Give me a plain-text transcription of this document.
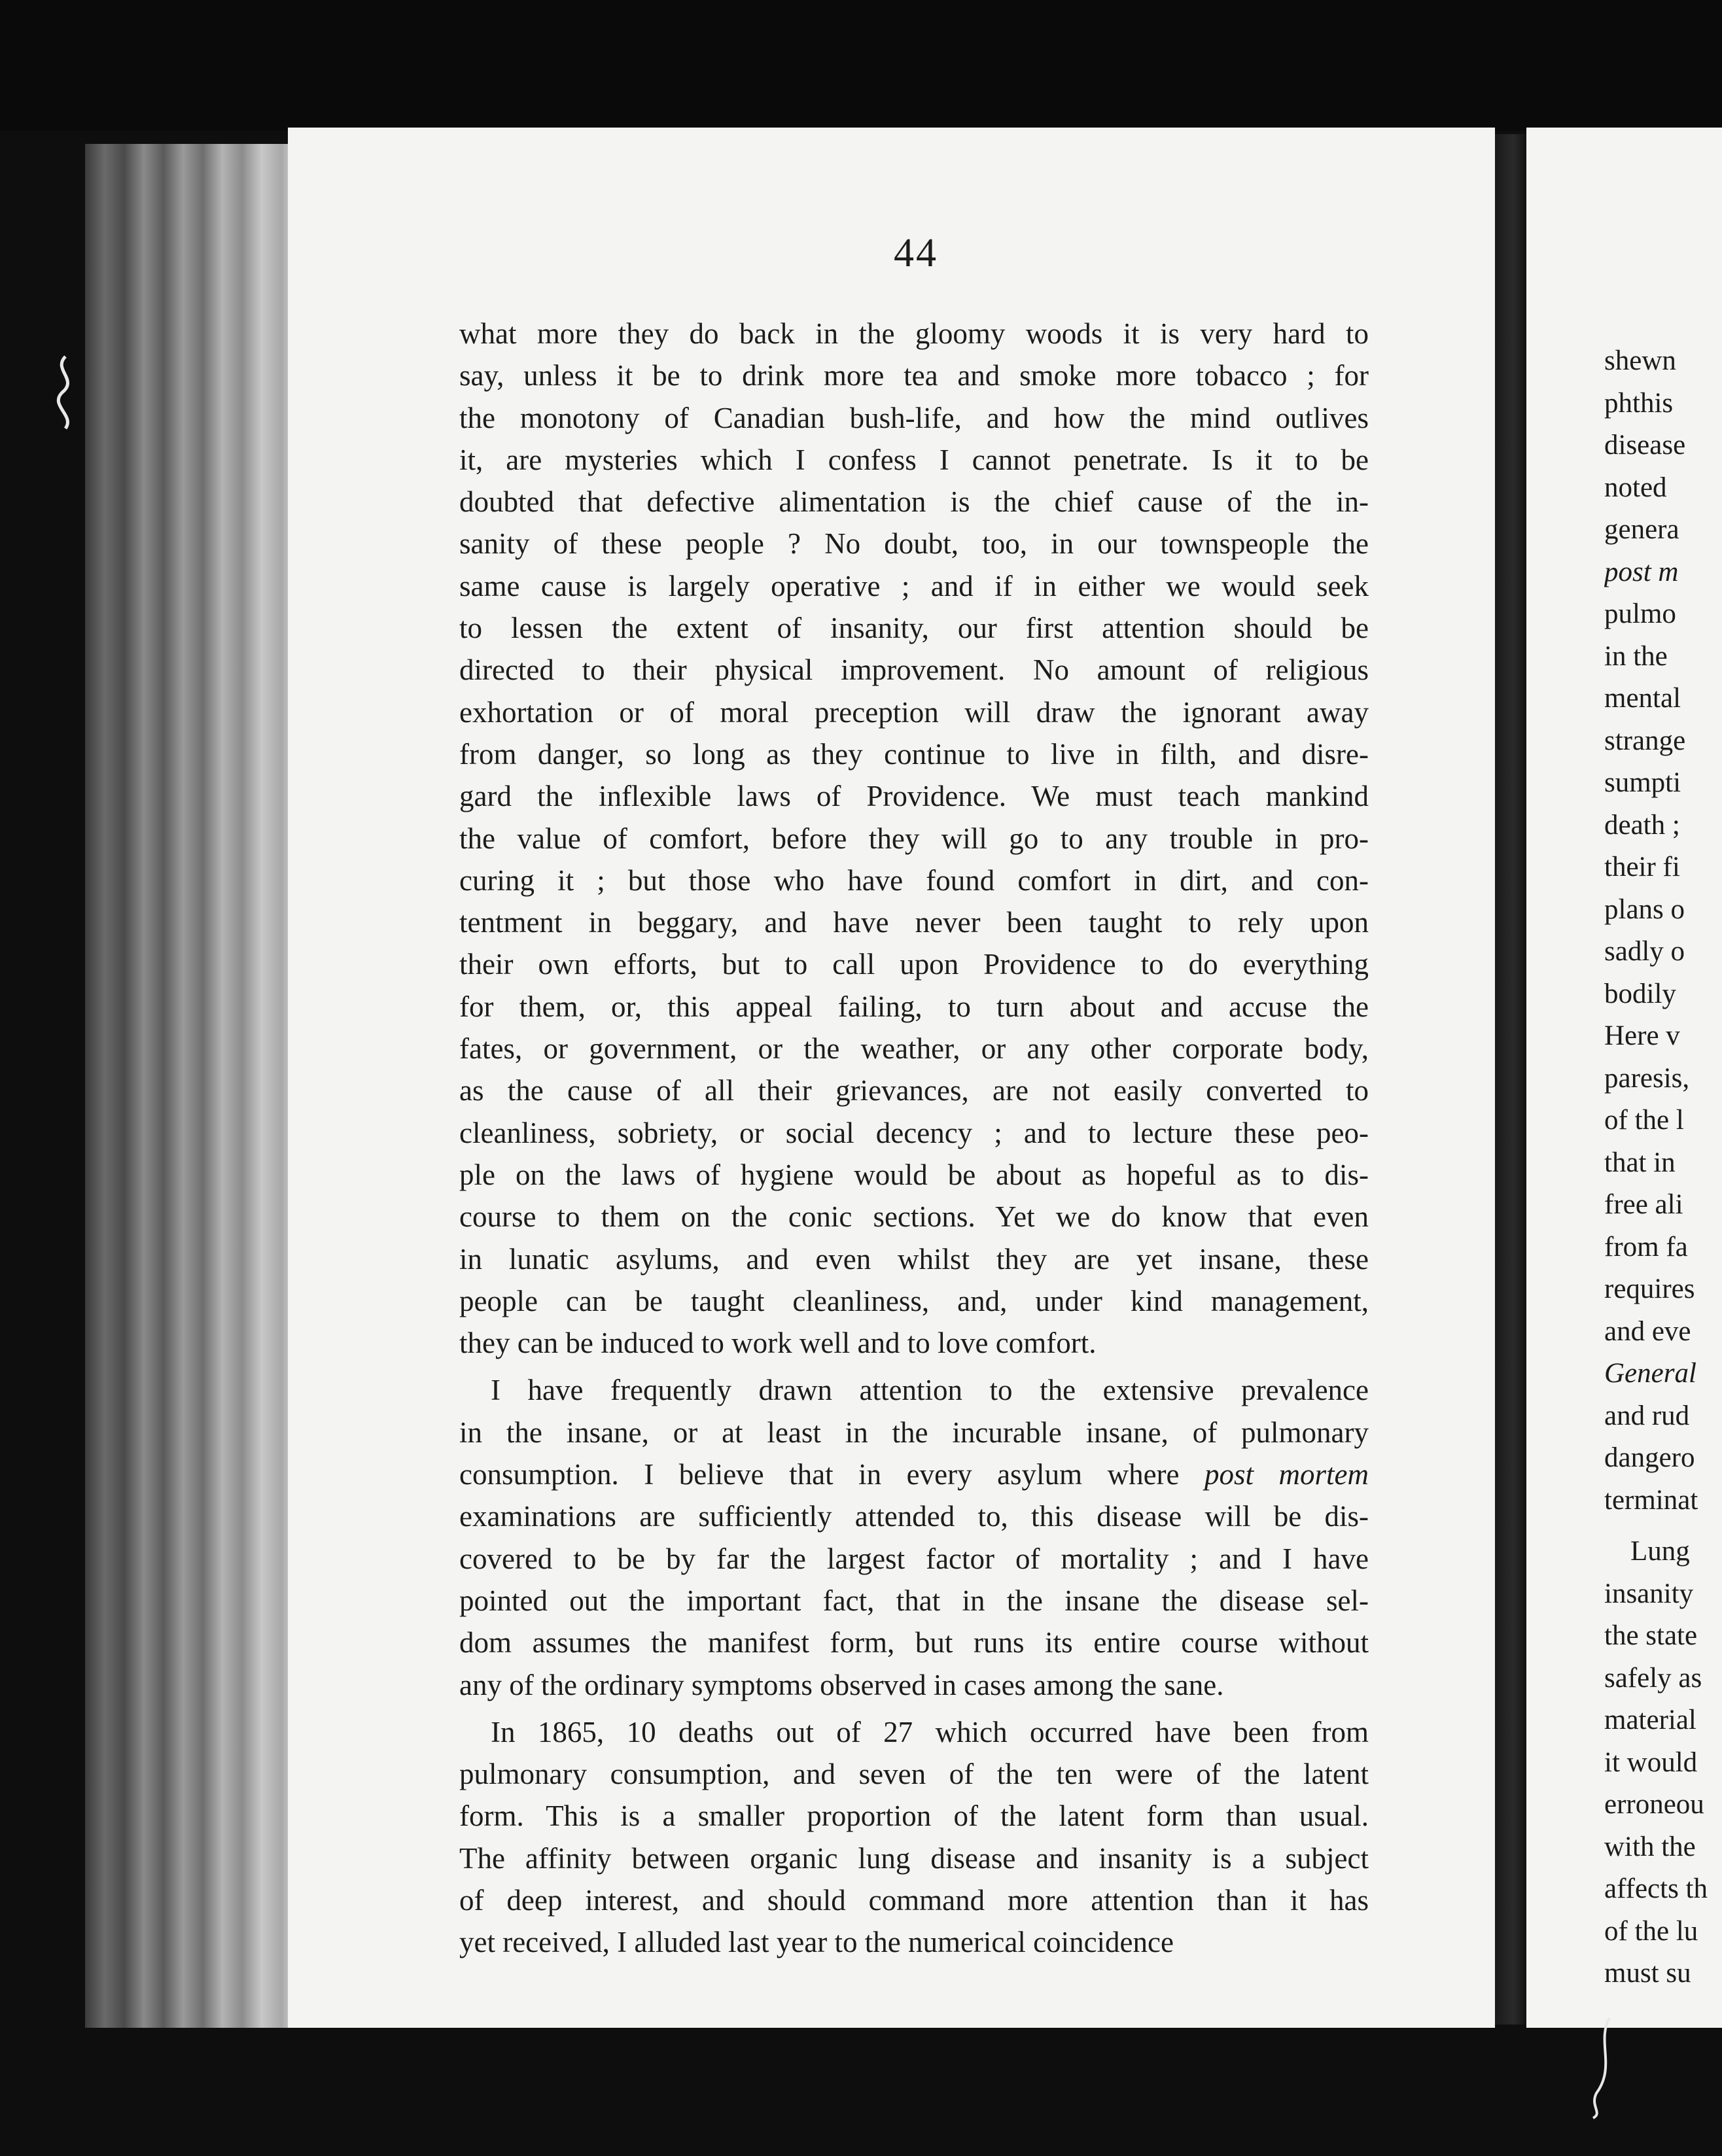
44
what more they do back in the gloomy woods it is very hard to
say, unless it be to drink more tea and smoke more tobacco ; for
the monotony of Canadian bush-life, and how the mind outlives
it, are mysteries which I confess I cannot penetrate. Is it to be
doubted that defective alimentation is the chief cause of the in-
sanity of these people ? No doubt, too, in our townspeople the
same cause is largely operative ; and if in either we would seek
to lessen the extent of insanity, our first attention should be
directed to their physical improvement. No amount of religious
exhortation or of moral preception will draw the ignorant away
from danger, so long as they continue to live in filth, and disre-
gard the inflexible laws of Providence. We must teach mankind
the value of comfort, before they will go to any trouble in pro-
curing it ; but those who have found comfort in dirt, and con-
tentment in beggary, and have never been taught to rely upon
their own efforts, but to call upon Providence to do everything
for them, or, this appeal failing, to turn about and accuse the
fates, or government, or the weather, or any other corporate body,
as the cause of all their grievances, are not easily converted to
cleanliness, sobriety, or social decency ; and to lecture these peo-
ple on the laws of hygiene would be about as hopeful as to dis-
course to them on the conic sections. Yet we do know that even
in lunatic asylums, and even whilst they are yet insane, these
people can be taught cleanliness, and, under kind management,
they can be induced to work well and to love comfort.
I have frequently drawn attention to the extensive prevalence
in the insane, or at least in the incurable insane, of pulmonary
consumption. I believe that in every asylum where post mortem
examinations are sufficiently attended to, this disease will be dis-
covered to be by far the largest factor of mortality ; and I have
pointed out the important fact, that in the insane the disease sel-
dom assumes the manifest form, but runs its entire course without
any of the ordinary symptoms observed in cases among the sane.
In 1865, 10 deaths out of 27 which occurred have been from
pulmonary consumption, and seven of the ten were of the latent
form. This is a smaller proportion of the latent form than usual.
The affinity between organic lung disease and insanity is a subject
of deep interest, and should command more attention than it has
yet received, I alluded last year to the numerical coincidence
shewn
phthis
disease
noted
genera
post m
pulmo
in the
mental
strange
sumpti
death ;
their fi
plans o
sadly o
bodily
Here v
paresis,
of the l
that in
free ali
from fa
requires
and eve
General
and rud
dangero
terminat
Lung
insanity
the state
safely as
material
it would
erroneou
with the
affects th
of the lu
must su
